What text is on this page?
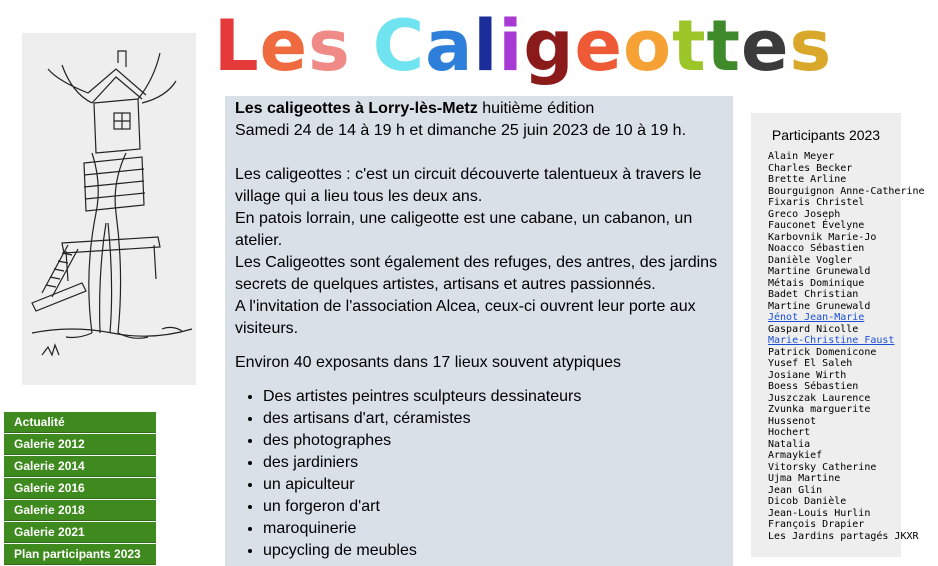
Les Caligeottes
Actualité
Galerie 2012
Galerie 2014
Galerie 2016
Galerie 2018
Galerie 2021
Plan participants 2023

Les caligeottes à Lorry-lès-Metz huitième édition
Samedi 24 de 14 à 19 h et dimanche 25 juin 2023 de 10 à 19 h.

Les caligeottes : c'est un circuit découverte talentueux à travers le village qui a lieu tous les deux ans.

En patois lorrain, une caligeotte est une cabane, un cabanon, un atelier.

Les Caligeottes sont également des refuges, des antres, des jardins secrets de quelques artistes, artisans et autres passionnés.

A l'invitation de l'association Alcea, ceux-ci ouvrent leur porte aux visiteurs.

Environ 40 exposants dans 17 lieux souvent atypiques

• Des artistes peintres sculpteurs dessinateurs
• des artisans d'art, céramistes
• des photographes
• des jardiniers
• un apiculteur
• un forgeron d'art
• maroquinerie
• upcycling de meubles
Participants 2023
Alain Meyer
Charles Becker
Brette Arline
Bourguignon Anne-Catherine
Fixaris Christel
Greco Joseph
Fauconet Évelyne
Karbovnik Marie-Jo
Noacco Sébastien
Danièle Vogler
Martine Grunewald
Métais Dominique
Badet Christian
Martine Grunewald
Jénot Jean-Marie
Gaspard Nicolle
Marie-Christine Faust
Patrick Domenicone
Yusef El Saleh
Josiane Wirth
Boess Sébastien
Juszczak Laurence
Zvunka marguerite
Hussenot
Hochert
Natalia
Armaykief
Vitorsky Catherine
Ujma Martine
Jean Glin
Dicob Danièle
Jean-Louis Hurlin
François Drapier
Les Jardins partagés JKXR
